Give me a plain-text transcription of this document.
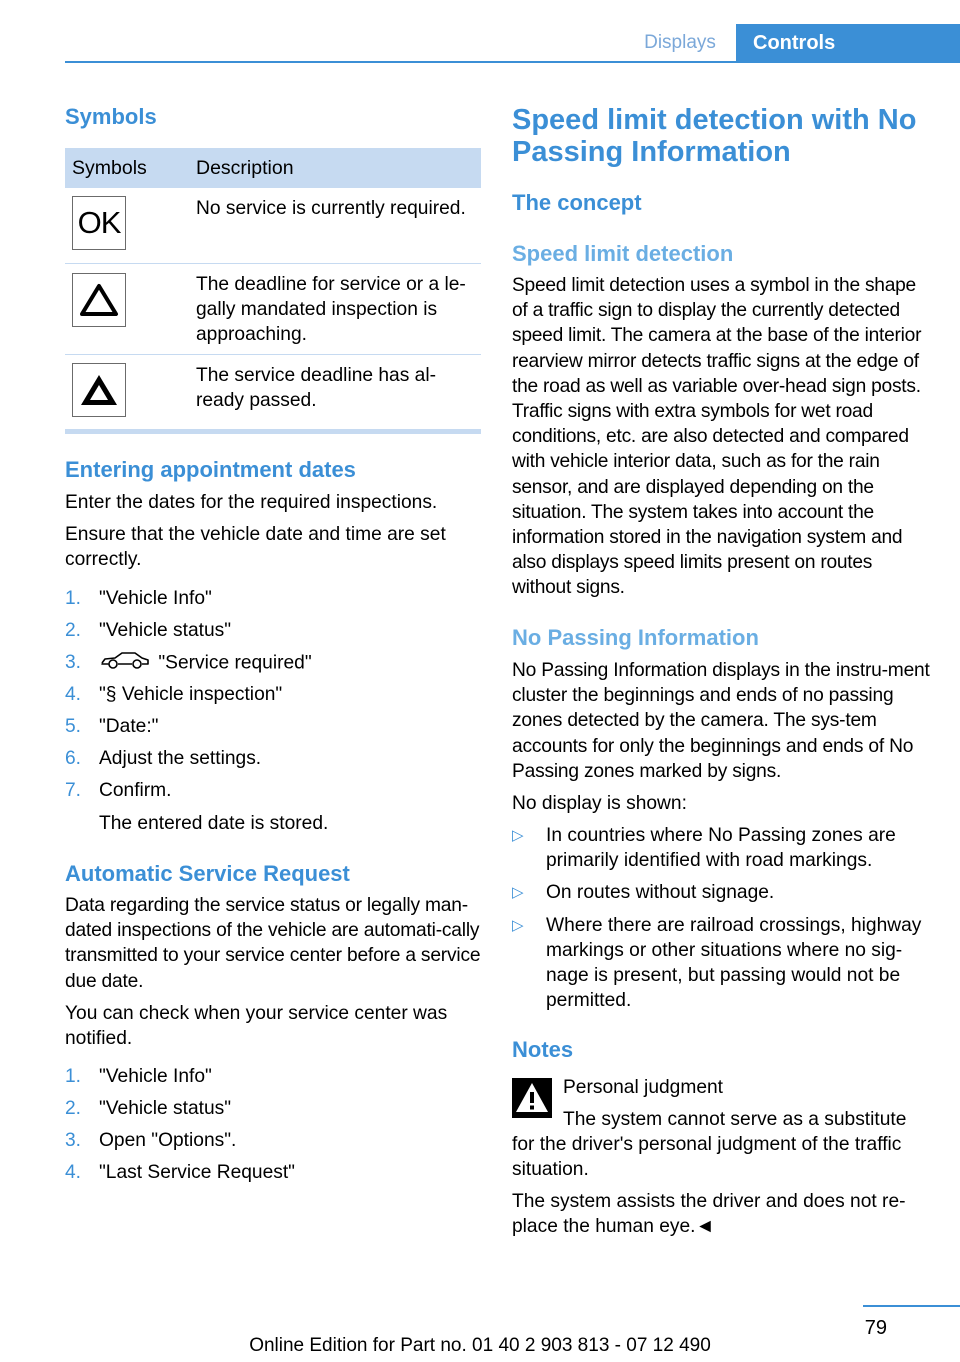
Displays	Controls
Symbols
Symbols	Description
OK	No service is currently required.
The deadline for service or a le-gally mandated inspection is approaching.
The service deadline has al-ready passed.
Entering appointment dates

Enter the dates for the required inspections.

Ensure that the vehicle date and time are set correctly.

1. "Vehicle Info"
2. "Vehicle status"
3.	"Service required"
4. "§ Vehicle inspection"
5. "Date:"
6. Adjust the settings.
7. Confirm.

The entered date is stored.

Automatic Service Request

Data regarding the service status or legally man-dated inspections of the vehicle are automati-cally transmitted to your service center before a service due date.

You can check when your service center was notified.

1. "Vehicle Info"
2. "Vehicle status"
3. Open "Options".
4. "Last Service Request"
Speed limit detection with No Passing Information
The concept
Speed limit detection

Speed limit detection uses a symbol in the shape of a traffic sign to display the currently detected speed limit. The camera at the base of the interior rearview mirror detects traffic signs at the edge of the road as well as variable over-head sign posts. Traffic signs with extra symbols for wet road conditions, etc. are also detected and compared with vehicle interior data, such as for the rain sensor, and are displayed depending on the situation. The system takes into account the information stored in the navigation system and also displays speed limits present on routes without signs.

No Passing Information

No Passing Information displays in the instru-ment cluster the beginnings and ends of no passing zones detected by the camera. The sys-tem accounts for only the beginnings and ends of No Passing zones marked by signs.

No display is shown:

▷ In countries where No Passing zones are primarily identified with road markings.
▷ On routes without signage.
▷ Where there are railroad crossings, highway markings or other situations where no sig-nage is present, but passing would not be permitted.
Notes

Personal judgment

The system cannot serve as a substitute for the driver's personal judgment of the traffic situation.

The system assists the driver and does not re-place the human eye.◄

79
Online Edition for Part no. 01 40 2 903 813 - 07 12 490
